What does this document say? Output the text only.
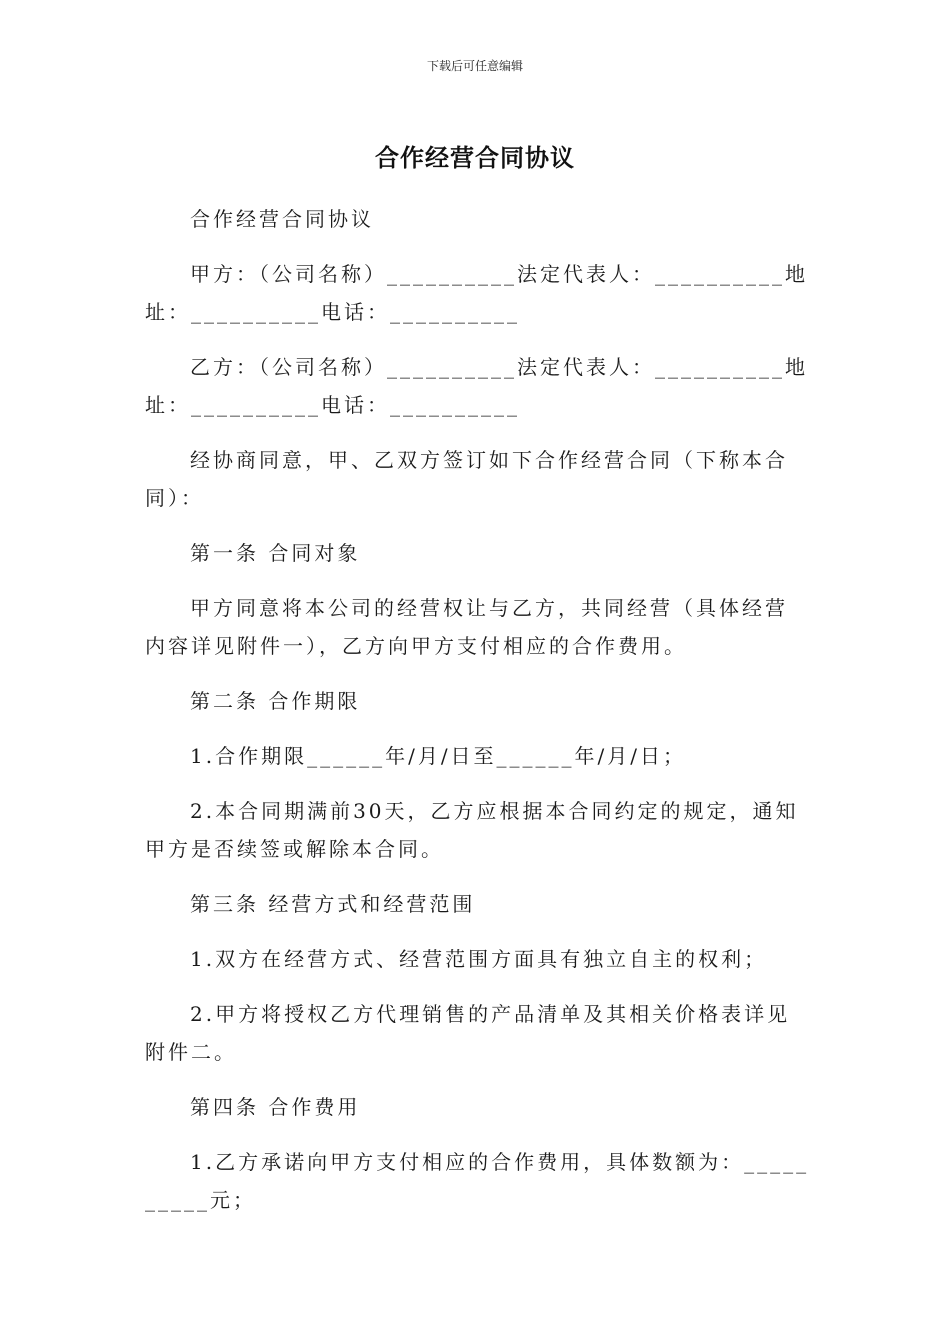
下载后可任意编辑
合作经营合同协议

合作经营合同协议

甲方：（公司名称）__________法定代表人：__________地址：__________电话：__________

乙方：（公司名称）__________法定代表人：__________地址：__________电话：__________

经协商同意，甲、乙双方签订如下合作经营合同（下称本合同）：

第一条 合同对象

甲方同意将本公司的经营权让与乙方，共同经营（具体经营内容详见附件一），乙方向甲方支付相应的合作费用。

第二条 合作期限

1.合作期限______年/月/日至______年/月/日；

2.本合同期满前30天，乙方应根据本合同约定的规定，通知甲方是否续签或解除本合同。

第三条 经营方式和经营范围

1.双方在经营方式、经营范围方面具有独立自主的权利；

2.甲方将授权乙方代理销售的产品清单及其相关价格表详见附件二。

第四条 合作费用

1.乙方承诺向甲方支付相应的合作费用，具体数额为：__________元；
